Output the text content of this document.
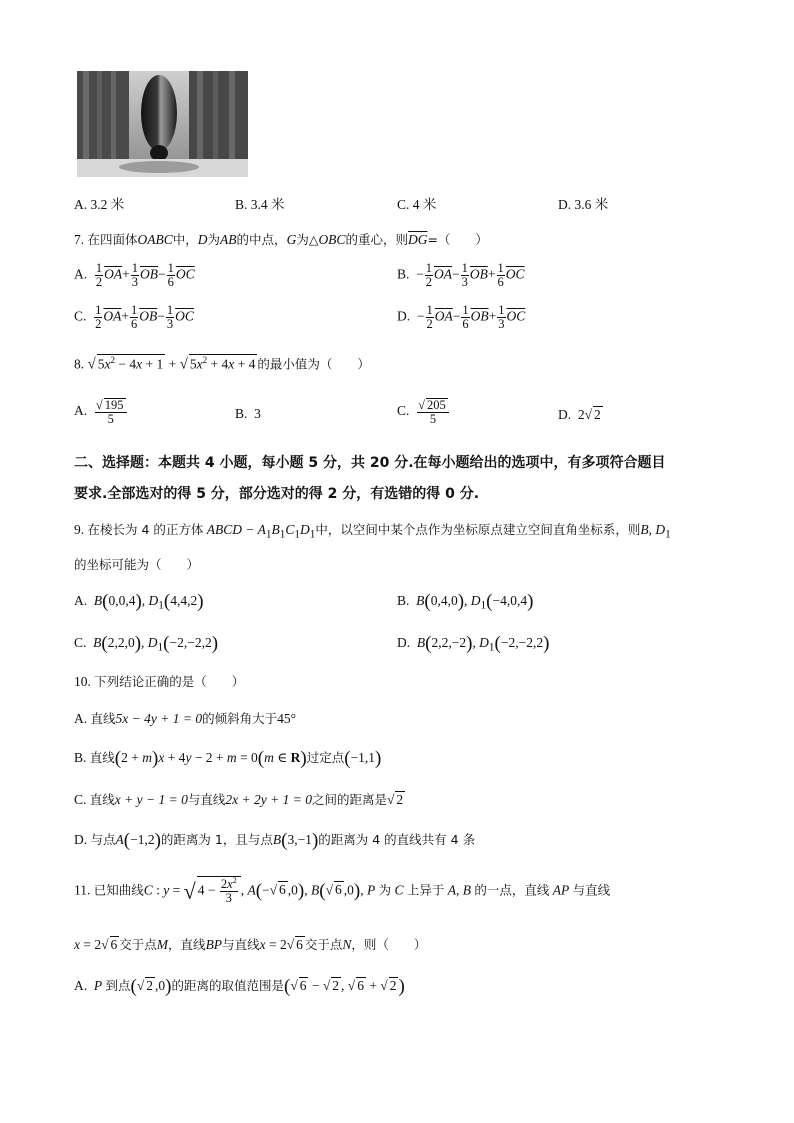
A. 3.2 米	B. 3.4 米	C. 4 米	D. 3.6 米
7. 在四面体OABC中，D为AB的中点，G为△OBC的重心，则$\overline{DG}=$（　　）
A. $\frac{1}{2} \overline{OA}+ \frac{1}{3} \overline{OB}- \frac{1}{6} \overline{OC}$	B.  − $\frac{1}{2} \overline{OA}- \frac{1}{3} \overline{OB}+ \frac{1}{6} \overline{OC}$
C. $\frac{1}{2} \overline{OA}+ \frac{1}{6} \overline{OB}- \frac{1}{3} \overline{OC}$	D.  − $\frac{1}{2} \overline{OA}- \frac{1}{6} \overline{OB}+ \frac{1}{3} \overline{OC}$
8. √ $5x^2 - 4x + 1$ + √ $5x^2 + 4x + 4$ 的最小值为（　　）
A. $\frac{√ 195}{5}$	B. 3	C. $\frac{√ 205}{5}$	D. 2√ 2
二、选择题：本题共 4 小题，每小题 5 分，共 20 分.在每小题给出的选项中，有多项符合题目
要求.全部选对的得 5 分，部分选对的得 2 分，有选错的得 0 分.
9. 在棱长为 4 的正方体 ABCD − $A_1B_1C_1D_1$中，以空间中某个点作为坐标原点建立空间直角坐标系，则B, $D_1$
的坐标可能为（　　）
A. B(0,0,4), $D_1(4,4,2)$	B. B(0,4,0), $D_1(-4,0,4)$
C. B(2,2,0), $D_1(-2,-2,2)$	D. B(2,2,−2), $D_1(-2,-2,2)$
10. 下列结论正确的是（　　）
A. 直线5x − 4y + 1 = 0的倾斜角大于45°
B. 直线(2 + m)x + 4y − 2 + m = 0(m ∈ R)过定点(−1,1)
C. 直线x + y − 1 = 0与直线2x + 2y + 1 = 0之间的距离是√ 2
D. 与点A(−1,2)的距离为 1，且与点B(3,−1)的距离为 4 的直线共有 4 条
11. 已知曲线C : y = √ $4 - \frac{2x^2}{3}$ , A(−√ 6 ,0), B(√ 6 ,0), P 为 C 上异于 A, B 的一点，直线 AP 与直线
x = 2√ 6 交于点M，直线BP与直线x = 2√ 6 交于点N，则（　　）
A. P 到点(√ 2 ,0)的距离的取值范围是(√ 6 − √ 2 , √ 6 + √ 2 )
